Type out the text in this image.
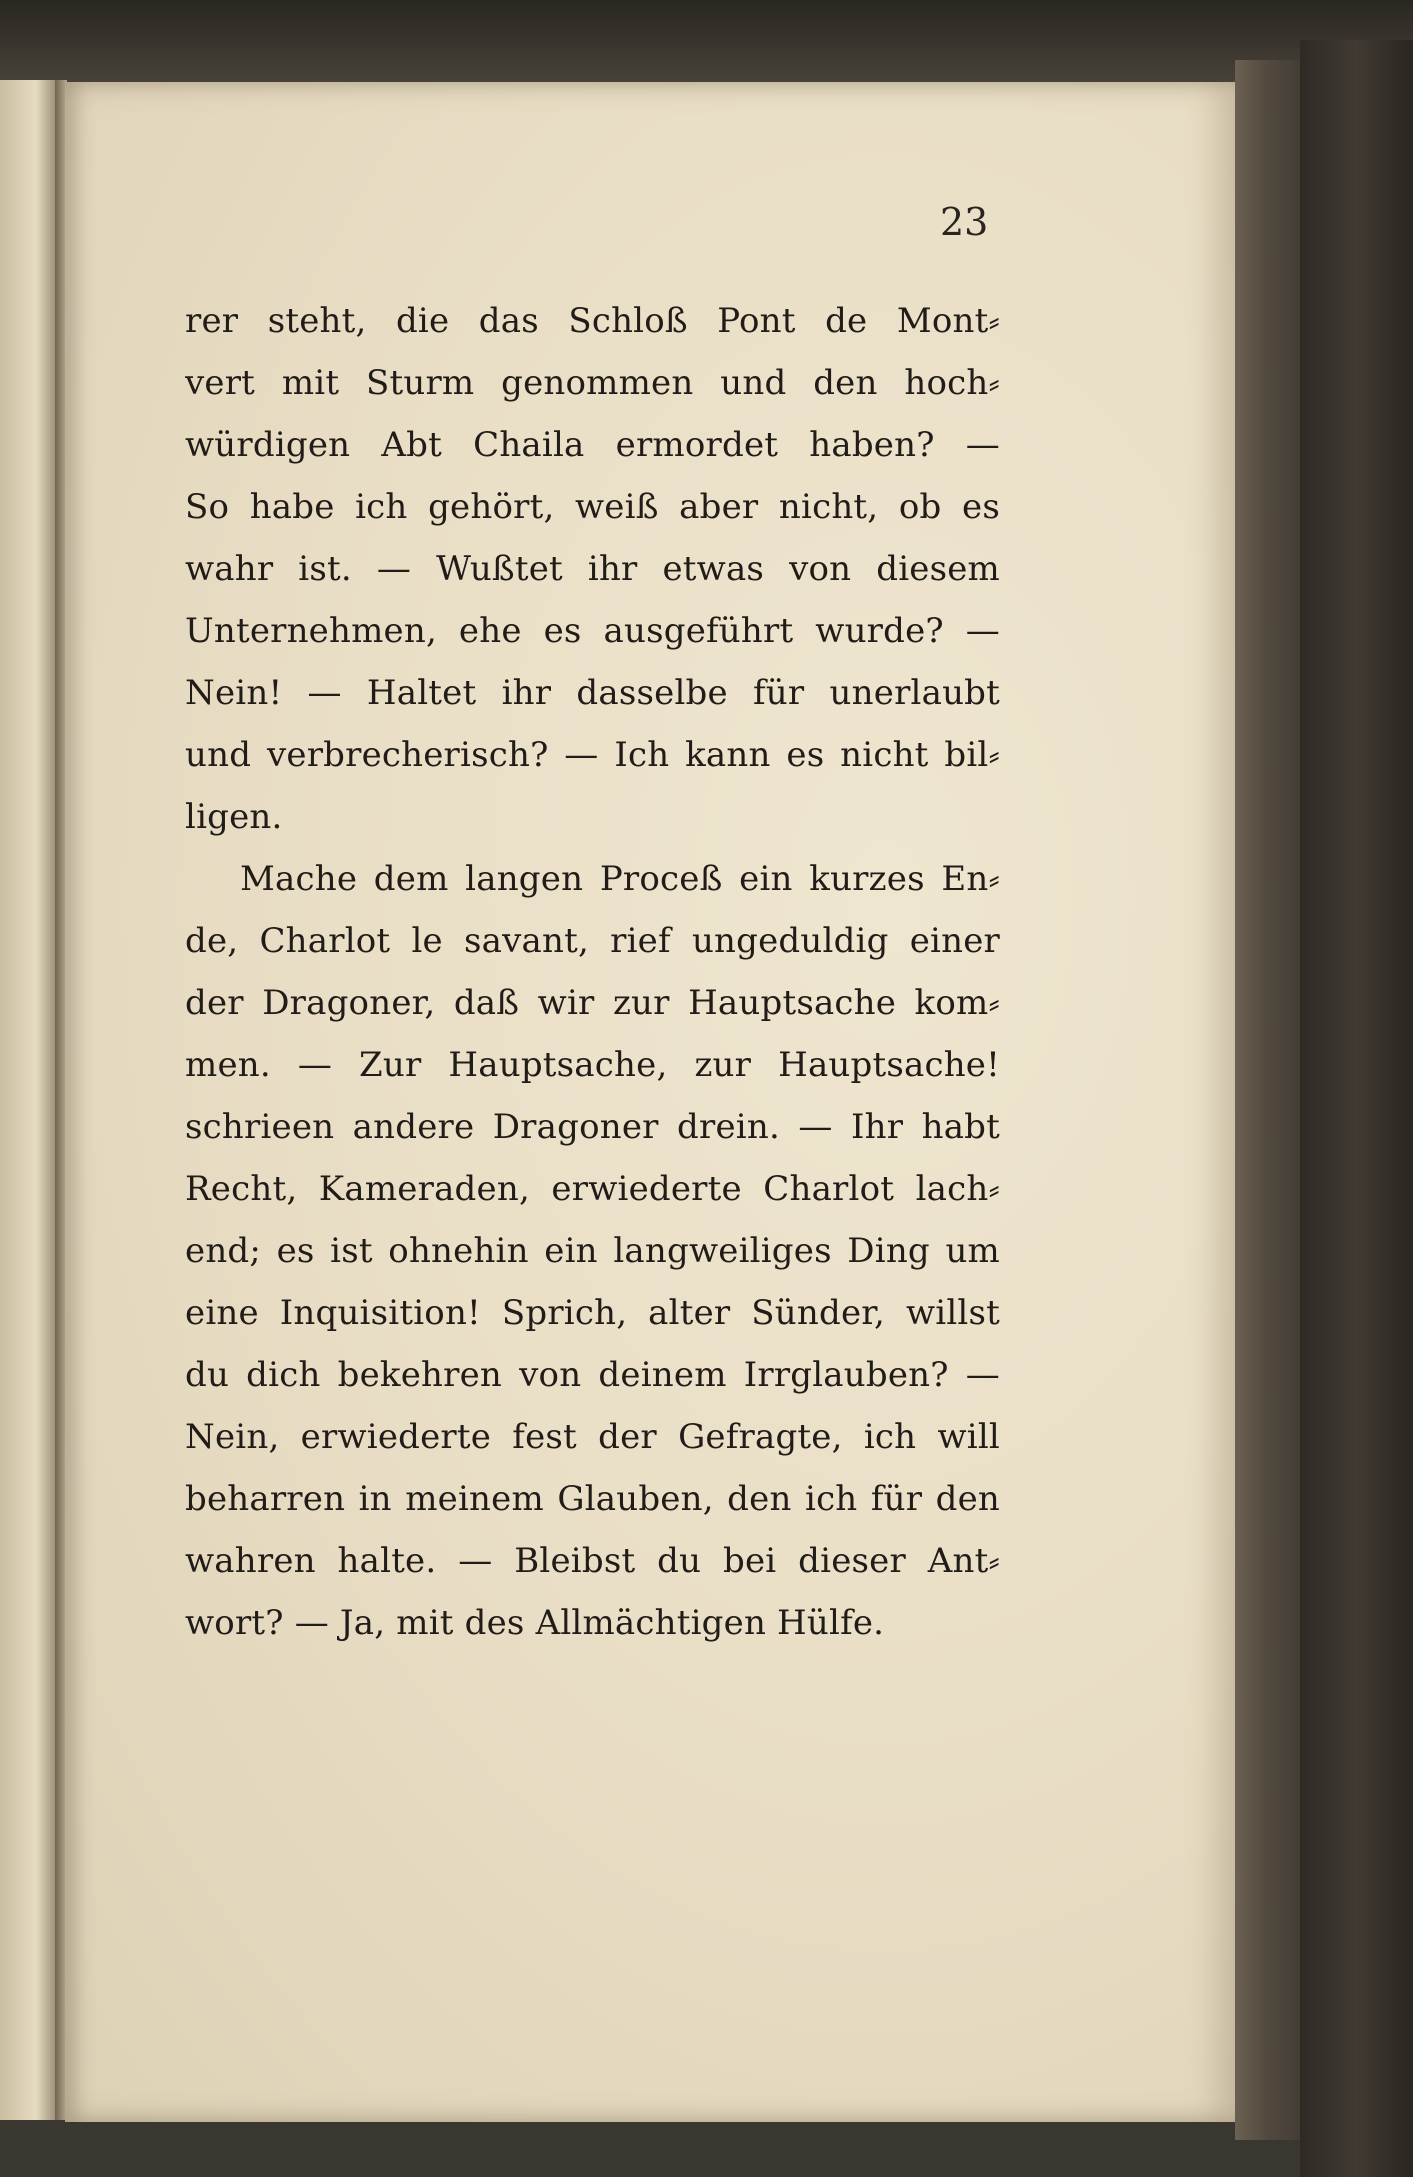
23
rer steht, die das Schloß Pont de Mont⸗
vert mit Sturm genommen und den hoch⸗
würdigen Abt Chaila ermordet haben? —
So habe ich gehört, weiß aber nicht, ob es
wahr ist. — Wußtet ihr etwas von diesem
Unternehmen, ehe es ausgeführt wurde? —
Nein! — Haltet ihr dasselbe für unerlaubt
und verbrecherisch? — Ich kann es nicht bil⸗
ligen.
Mache dem langen Proceß ein kurzes En⸗
de, Charlot le savant, rief ungeduldig einer
der Dragoner, daß wir zur Hauptsache kom⸗
men. — Zur Hauptsache, zur Hauptsache!
schrieen andere Dragoner drein. — Ihr habt
Recht, Kameraden, erwiederte Charlot lach⸗
end; es ist ohnehin ein langweiliges Ding um
eine Inquisition! Sprich, alter Sünder, willst
du dich bekehren von deinem Irrglauben? —
Nein, erwiederte fest der Gefragte, ich will
beharren in meinem Glauben, den ich für den
wahren halte. — Bleibst du bei dieser Ant⸗
wort? — Ja, mit des Allmächtigen Hülfe.
